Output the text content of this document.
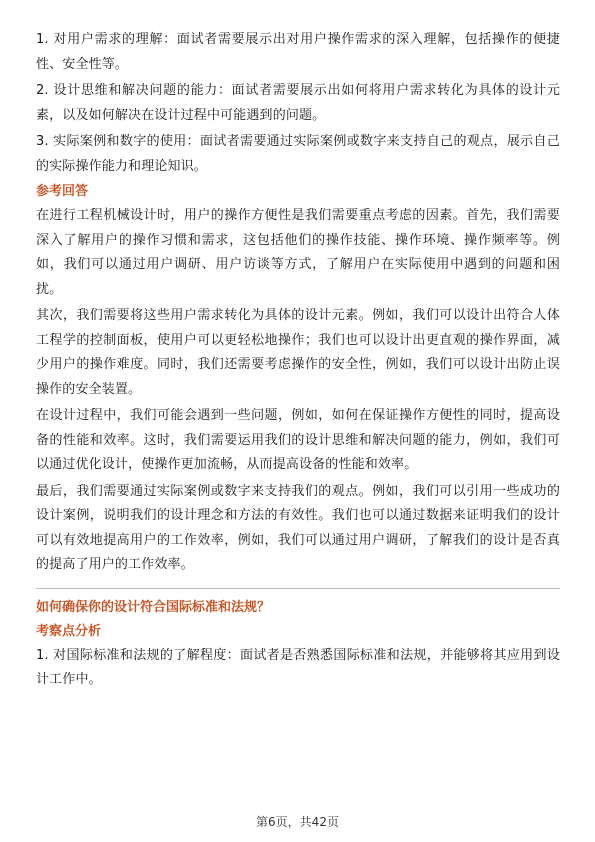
1. 对用户需求的理解：面试者需要展示出对用户操作需求的深入理解，包括操作的便捷性、安全性等。

2. 设计思维和解决问题的能力：面试者需要展示出如何将用户需求转化为具体的设计元素，以及如何解决在设计过程中可能遇到的问题。

3. 实际案例和数字的使用：面试者需要通过实际案例或数字来支持自己的观点，展示自己的实际操作能力和理论知识。

参考回答

在进行工程机械设计时，用户的操作方便性是我们需要重点考虑的因素。首先，我们需要深入了解用户的操作习惯和需求，这包括他们的操作技能、操作环境、操作频率等。例如，我们可以通过用户调研、用户访谈等方式，了解用户在实际使用中遇到的问题和困扰。

其次，我们需要将这些用户需求转化为具体的设计元素。例如，我们可以设计出符合人体工程学的控制面板，使用户可以更轻松地操作；我们也可以设计出更直观的操作界面，减少用户的操作难度。同时，我们还需要考虑操作的安全性，例如，我们可以设计出防止误操作的安全装置。

在设计过程中，我们可能会遇到一些问题，例如，如何在保证操作方便性的同时，提高设备的性能和效率。这时，我们需要运用我们的设计思维和解决问题的能力，例如，我们可以通过优化设计，使操作更加流畅，从而提高设备的性能和效率。

最后，我们需要通过实际案例或数字来支持我们的观点。例如，我们可以引用一些成功的设计案例，说明我们的设计理念和方法的有效性。我们也可以通过数据来证明我们的设计可以有效地提高用户的工作效率，例如，我们可以通过用户调研，了解我们的设计是否真的提高了用户的工作效率。

如何确保你的设计符合国际标准和法规？
考察点分析

1. 对国际标准和法规的了解程度：面试者是否熟悉国际标准和法规，并能够将其应用到设计工作中。

第6页，共42页
